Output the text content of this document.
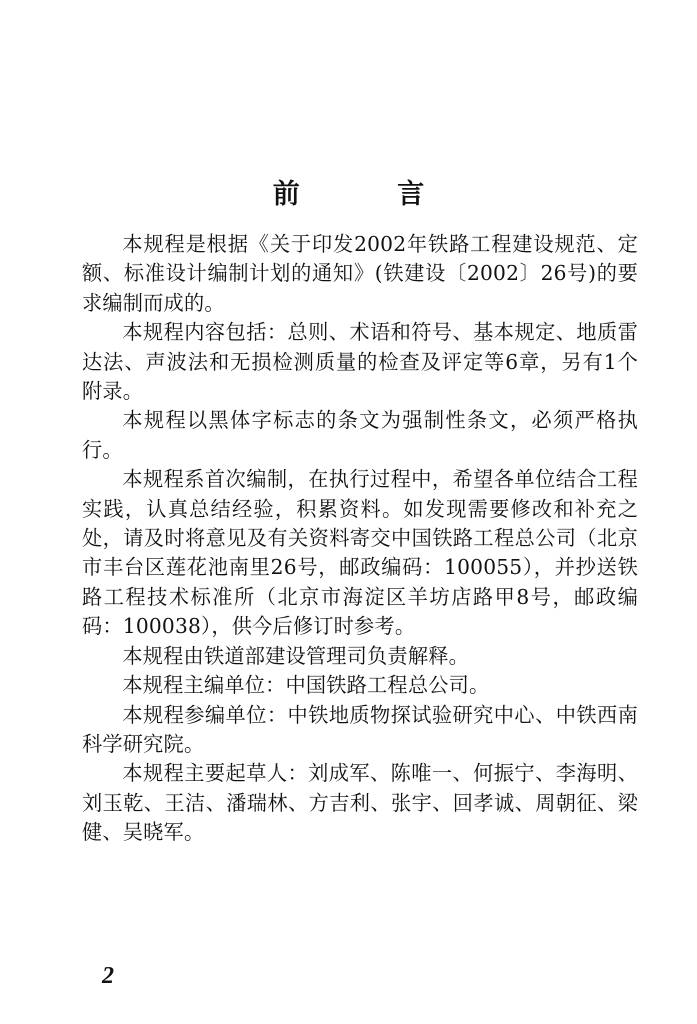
前 言

本规程是根据《关于印发2002年铁路工程建设规范、定额、标准设计编制计划的通知》(铁建设〔2002〕26号)的要求编制而成的。

本规程内容包括：总则、术语和符号、基本规定、地质雷达法、声波法和无损检测质量的检查及评定等6章，另有1个附录。

本规程以黑体字标志的条文为强制性条文，必须严格执行。

本规程系首次编制，在执行过程中，希望各单位结合工程实践，认真总结经验，积累资料。如发现需要修改和补充之处，请及时将意见及有关资料寄交中国铁路工程总公司（北京市丰台区莲花池南里26号，邮政编码：100055），并抄送铁路工程技术标准所（北京市海淀区羊坊店路甲8号，邮政编码：100038），供今后修订时参考。

本规程由铁道部建设管理司负责解释。

本规程主编单位：中国铁路工程总公司。

本规程参编单位：中铁地质物探试验研究中心、中铁西南科学研究院。

本规程主要起草人：刘成军、陈唯一、何振宁、李海明、刘玉乾、王洁、潘瑞林、方吉利、张宇、回孝诚、周朝征、梁健、吴晓军。

2
